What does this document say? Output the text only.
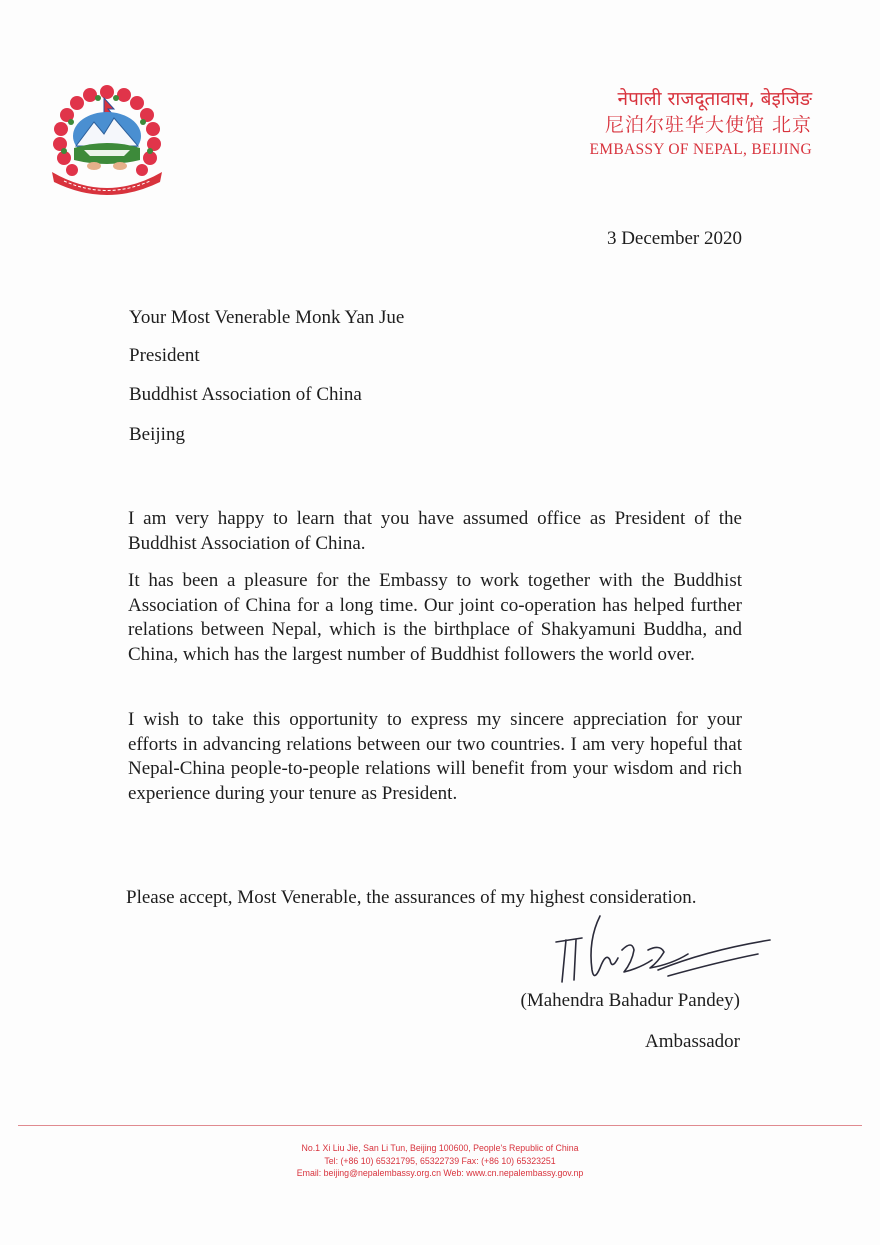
नेपाली राजदूतावास, बेइजिङ
尼泊尔驻华大使馆 北京
EMBASSY OF NEPAL, BEIJING
3 December 2020
Your Most Venerable Monk Yan Jue
President
Buddhist Association of China
Beijing

I am very happy to learn that you have assumed office as President of the Buddhist Association of China.

It has been a pleasure for the Embassy to work together with the Buddhist Association of China for a long time. Our joint co-operation has helped further relations between Nepal, which is the birthplace of Shakyamuni Buddha, and China, which has the largest number of Buddhist followers the world over.

I wish to take this opportunity to express my sincere appreciation for your efforts in advancing relations between our two countries. I am very hopeful that Nepal-China people-to-people relations will benefit from your wisdom and rich experience during your tenure as President.

Please accept, Most Venerable, the assurances of my highest consideration.

(Mahendra Bahadur Pandey)
Ambassador
No.1 Xi Liu Jie, San Li Tun, Beijing 100600, People's Republic of China
Tel: (+86 10) 65321795, 65322739 Fax: (+86 10) 65323251
Email: beijing@nepalembassy.org.cn Web: www.cn.nepalembassy.gov.np
